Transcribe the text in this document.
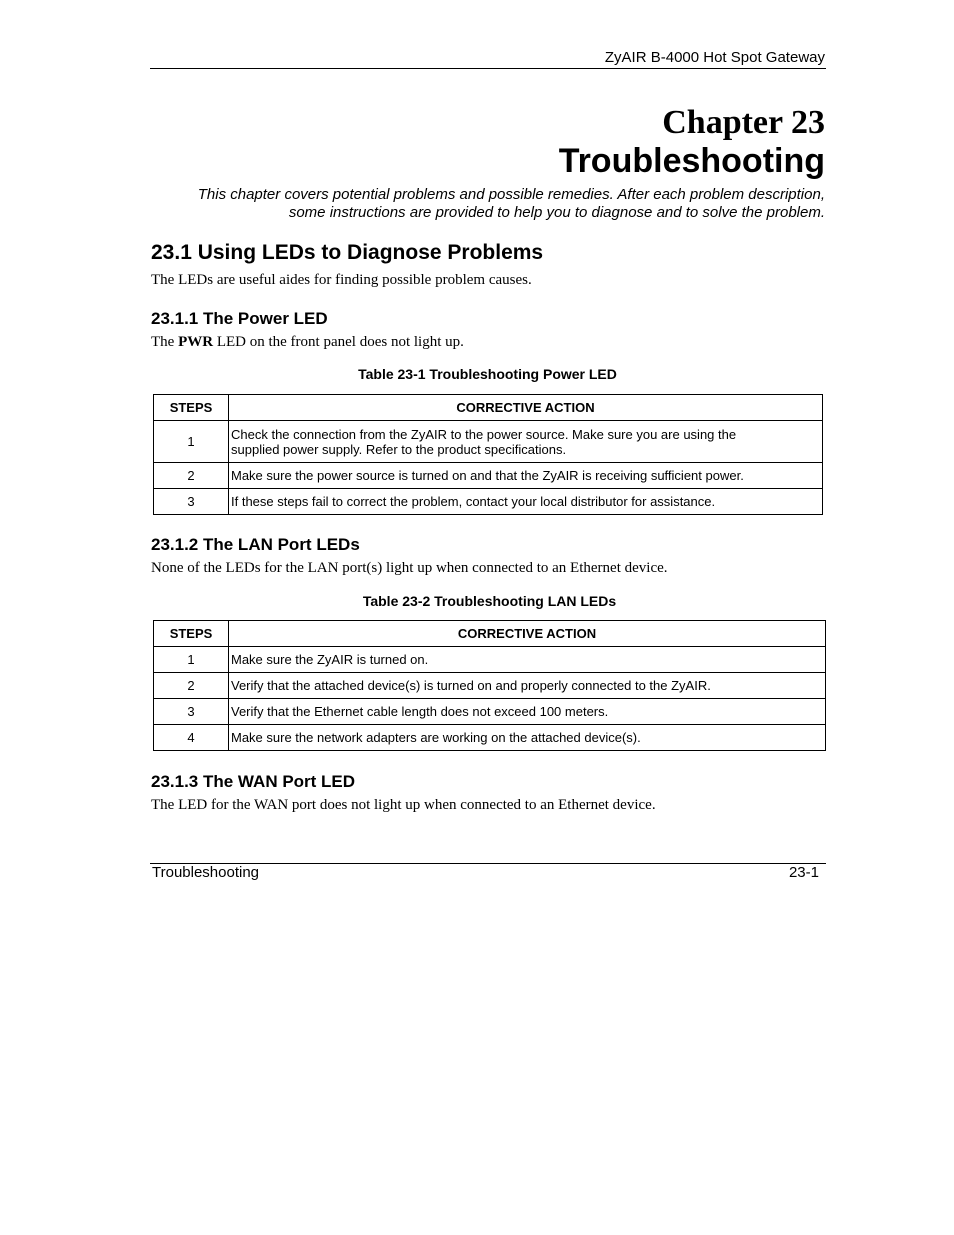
ZyAIR B-4000 Hot Spot Gateway
Chapter 23
Troubleshooting
This chapter covers potential problems and possible remedies. After each problem description,
some instructions are provided to help you to diagnose and to solve the problem.
23.1 Using LEDs to Diagnose Problems
The LEDs are useful aides for finding possible problem causes.
23.1.1 The Power LED
The PWR LED on the front panel does not light up.
Table 23-1 Troubleshooting Power LED
STEPS	CORRECTIVE ACTION
1	Check the connection from the ZyAIR to the power source. Make sure you are using the
supplied power supply. Refer to the product specifications.

2	Make sure the power source is turned on and that the ZyAIR is receiving sufficient power.
3	If these steps fail to correct the problem, contact your local distributor for assistance.
23.1.2 The LAN Port LEDs
None of the LEDs for the LAN port(s) light up when connected to an Ethernet device.
Table 23-2 Troubleshooting LAN LEDs
STEPS	CORRECTIVE ACTION
1	Make sure the ZyAIR is turned on.
2	Verify that the attached device(s) is turned on and properly connected to the ZyAIR.
3	Verify that the Ethernet cable length does not exceed 100 meters.
4	Make sure the network adapters are working on the attached device(s).
23.1.3 The WAN Port LED
The LED for the WAN port does not light up when connected to an Ethernet device.
Troubleshooting	23-1
